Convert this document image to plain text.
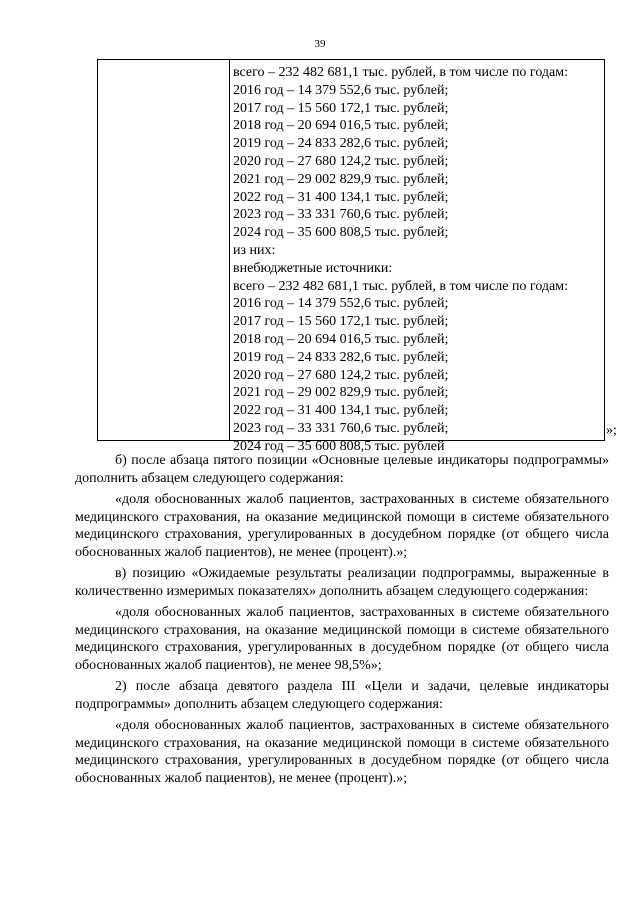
39
всего – 232 482 681,1 тыс. рублей, в том числе по годам:
2016 год – 14 379 552,6 тыс. рублей;
2017 год – 15 560 172,1 тыс. рублей;
2018 год – 20 694 016,5 тыс. рублей;
2019 год – 24 833 282,6 тыс. рублей;
2020 год – 27 680 124,2 тыс. рублей;
2021 год – 29 002 829,9 тыс. рублей;
2022 год – 31 400 134,1 тыс. рублей;
2023 год – 33 331 760,6 тыс. рублей;
2024 год – 35 600 808,5 тыс. рублей;
из них:
внебюджетные источники:
всего – 232 482 681,1 тыс. рублей, в том числе по годам:
2016 год – 14 379 552,6 тыс. рублей;
2017 год – 15 560 172,1 тыс. рублей;
2018 год – 20 694 016,5 тыс. рублей;
2019 год – 24 833 282,6 тыс. рублей;
2020 год – 27 680 124,2 тыс. рублей;
2021 год – 29 002 829,9 тыс. рублей;
2022 год – 31 400 134,1 тыс. рублей;
2023 год – 33 331 760,6 тыс. рублей;
2024 год – 35 600 808,5 тыс. рублей
»;

б) после абзаца пятого позиции «Основные целевые индикаторы подпрограммы» дополнить абзацем следующего содержания:

«доля обоснованных жалоб пациентов, застрахованных в системе обязательного медицинского страхования, на оказание медицинской помощи в системе обязательного медицинского страхования, урегулированных в досудебном порядке (от общего числа обоснованных жалоб пациентов), не менее (процент).»;

в) позицию «Ожидаемые результаты реализации подпрограммы, выраженные в количественно измеримых показателях» дополнить абзацем следующего содержания:

«доля обоснованных жалоб пациентов, застрахованных в системе обязательного медицинского страхования, на оказание медицинской помощи в системе обязательного медицинского страхования, урегулированных в досудебном порядке (от общего числа обоснованных жалоб пациентов), не менее 98,5%»;

2) после абзаца девятого раздела III «Цели и задачи, целевые индикаторы подпрограммы» дополнить абзацем следующего содержания:

«доля обоснованных жалоб пациентов, застрахованных в системе обязательного медицинского страхования, на оказание медицинской помощи в системе обязательного медицинского страхования, урегулированных в досудебном порядке (от общего числа обоснованных жалоб пациентов), не менее (процент).»;
